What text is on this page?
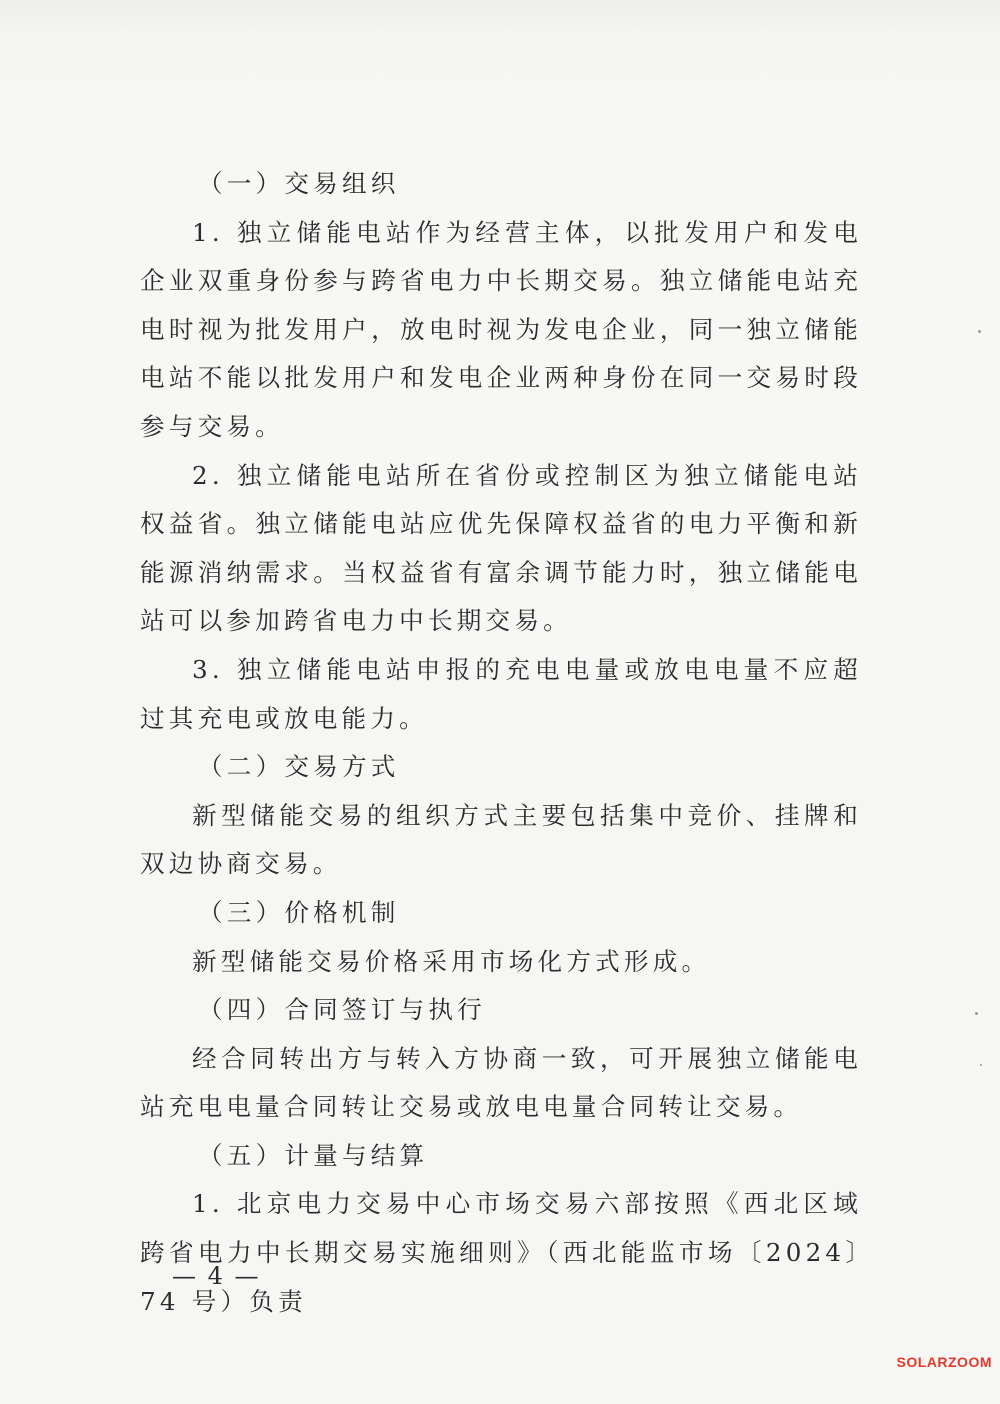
（一）交易组织

1. 独立储能电站作为经营主体，以批发用户和发电企业双重身份参与跨省电力中长期交易。独立储能电站充电时视为批发用户，放电时视为发电企业，同一独立储能电站不能以批发用户和发电企业两种身份在同一交易时段参与交易。

2. 独立储能电站所在省份或控制区为独立储能电站权益省。独立储能电站应优先保障权益省的电力平衡和新能源消纳需求。当权益省有富余调节能力时，独立储能电站可以参加跨省电力中长期交易。

3. 独立储能电站申报的充电电量或放电电量不应超过其充电或放电能力。

（二）交易方式

新型储能交易的组织方式主要包括集中竞价、挂牌和双边协商交易。

（三）价格机制

新型储能交易价格采用市场化方式形成。

（四）合同签订与执行

经合同转出方与转入方协商一致，可开展独立储能电站充电电量合同转让交易或放电电量合同转让交易。

（五）计量与结算

1. 北京电力交易中心市场交易六部按照《西北区域跨省电力中长期交易实施细则》（西北能监市场〔2024〕74 号）负责

— 4 —
SOLARZOOM
